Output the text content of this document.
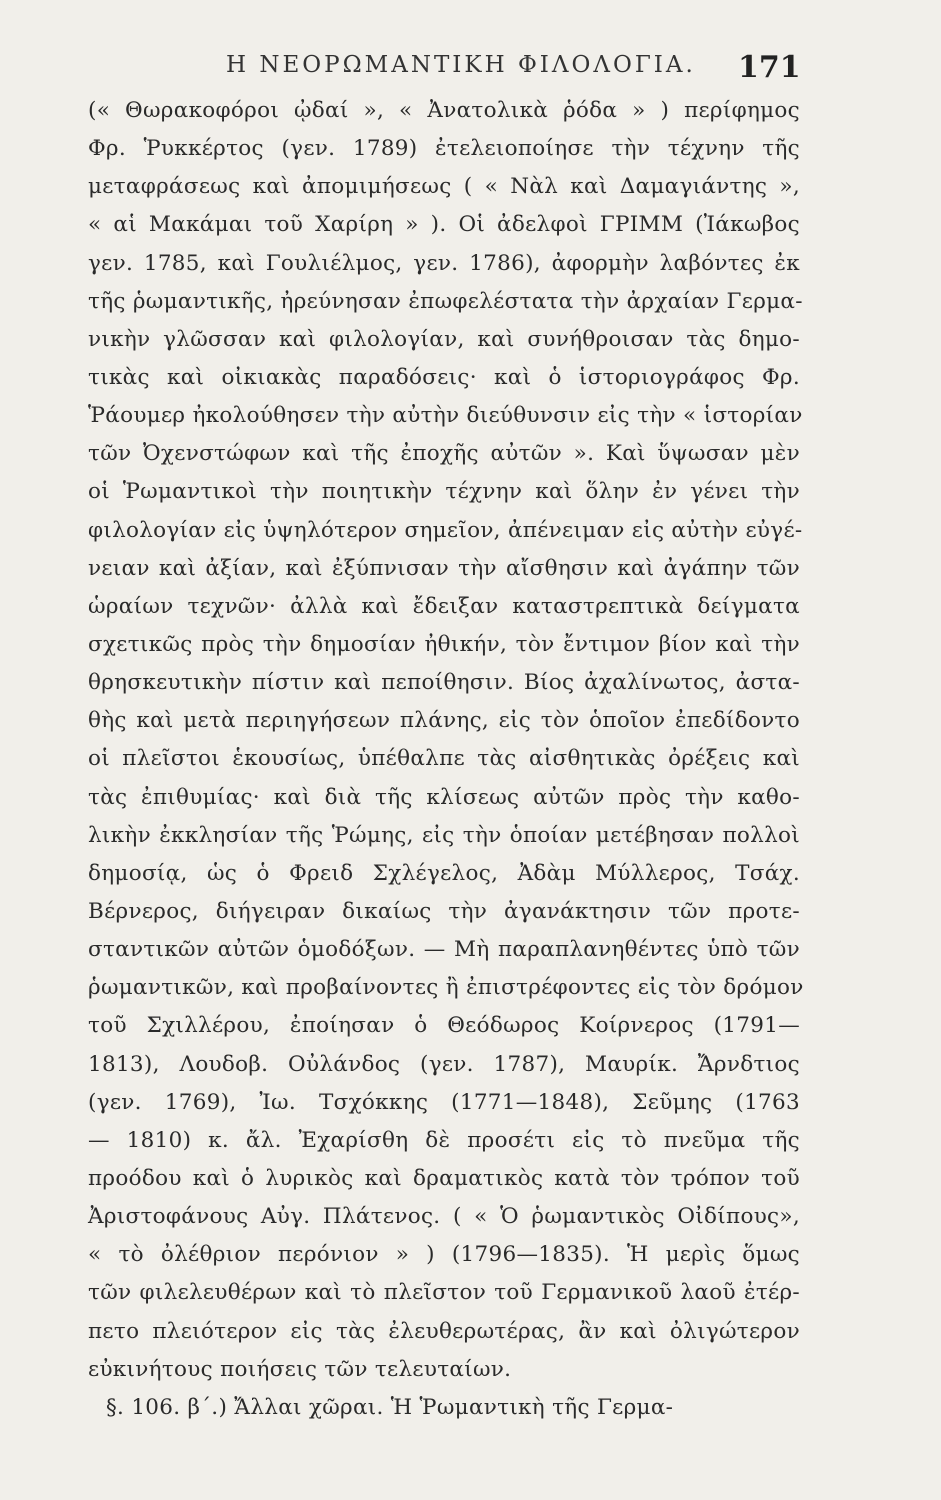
Η ΝΕΟΡΩΜΑΝΤΙΚΗ ΦΙΛΟΛΟΓΙΑ.	171
(« Θωρακοφόροι ᾠδαί », « Ἀνατολικὰ ῥόδα » ) περίφημος
Φρ. Ῥυκκέρτος (γεν. 1789) ἐτελειοποίησε τὴν τέχνην τῆς
μεταφράσεως καὶ ἀπομιμήσεως ( « Νὰλ καὶ Δαμαγιάντης »,
« αἱ Μακάμαι τοῦ Χαρίρη » ). Οἱ ἀδελφοὶ ΓΡΙΜΜ (Ἰάκωβος
γεν. 1785, καὶ Γουλιέλμος, γεν. 1786), ἀφορμὴν λαβόντες ἐκ
τῆς ῥωμαντικῆς, ἠρεύνησαν ἐπωφελέστατα τὴν ἀρχαίαν Γερμα-
νικὴν γλῶσσαν καὶ φιλολογίαν, καὶ συνήθροισαν τὰς δημο-
τικὰς καὶ οἰκιακὰς παραδόσεις· καὶ ὁ ἱστοριογράφος Φρ.
Ῥάουμερ ἠκολούθησεν τὴν αὐτὴν διεύθυνσιν εἰς τὴν « ἱστορίαν
τῶν Ὀχενστώφων καὶ τῆς ἐποχῆς αὐτῶν ». Καὶ ὕψωσαν μὲν
οἱ Ῥωμαντικοὶ τὴν ποιητικὴν τέχνην καὶ ὅλην ἐν γένει τὴν
φιλολογίαν εἰς ὑψηλότερον σημεῖον, ἀπένειμαν εἰς αὐτὴν εὐγέ-
νειαν καὶ ἀξίαν, καὶ ἐξύπνισαν τὴν αἴσθησιν καὶ ἀγάπην τῶν
ὡραίων τεχνῶν· ἀλλὰ καὶ ἔδειξαν καταστρεπτικὰ δείγματα
σχετικῶς πρὸς τὴν δημοσίαν ἠθικήν, τὸν ἔντιμον βίον καὶ τὴν
θρησκευτικὴν πίστιν καὶ πεποίθησιν. Βίος ἀχαλίνωτος, ἀστα-
θὴς καὶ μετὰ περιηγήσεων πλάνης, εἰς τὸν ὁποῖον ἐπεδίδοντο
οἱ πλεῖστοι ἑκουσίως, ὑπέθαλπε τὰς αἰσθητικὰς ὀρέξεις καὶ
τὰς ἐπιθυμίας· καὶ διὰ τῆς κλίσεως αὐτῶν πρὸς τὴν καθο-
λικὴν ἐκκλησίαν τῆς Ῥώμης, εἰς τὴν ὁποίαν μετέβησαν πολλοὶ
δημοσίᾳ, ὡς ὁ Φρειδ Σχλέγελος, Ἀδὰμ Μύλλερος, Τσάχ.
Βέρνερος, διήγειραν δικαίως τὴν ἀγανάκτησιν τῶν προτε-
σταντικῶν αὐτῶν ὁμοδόξων. — Μὴ παραπλανηθέντες ὑπὸ τῶν
ῥωμαντικῶν, καὶ προβαίνοντες ἢ ἐπιστρέφοντες εἰς τὸν δρόμον
τοῦ Σχιλλέρου, ἐποίησαν ὁ Θεόδωρος Κοίρνερος (1791—
1813), Λουδοβ. Οὐλάνδος (γεν. 1787), Μαυρίκ. Ἄρνδτιος
(γεν. 1769), Ἰω. Τσχόκκης (1771—1848), Σεῦμης (1763
— 1810) κ. ἄλ. Ἐχαρίσθη δὲ προσέτι εἰς τὸ πνεῦμα τῆς
προόδου καὶ ὁ λυρικὸς καὶ δραματικὸς κατὰ τὸν τρόπον τοῦ
Ἀριστοφάνους Αὐγ. Πλάτενος. ( « Ὁ ῥωμαντικὸς Οἰδίπους»,
« τὸ ὀλέθριον περόνιον » ) (1796—1835). Ἡ μερὶς ὅμως
τῶν φιλελευθέρων καὶ τὸ πλεῖστον τοῦ Γερμανικοῦ λαοῦ ἐτέρ-
πετο πλειότερον εἰς τὰς ἐλευθερωτέρας, ἂν καὶ ὀλιγώτερον
εὐκινήτους ποιήσεις τῶν τελευταίων.
§. 106. β΄.) Ἄλλαι χῶραι. Ἡ Ῥωμαντικὴ τῆς Γερμα-
